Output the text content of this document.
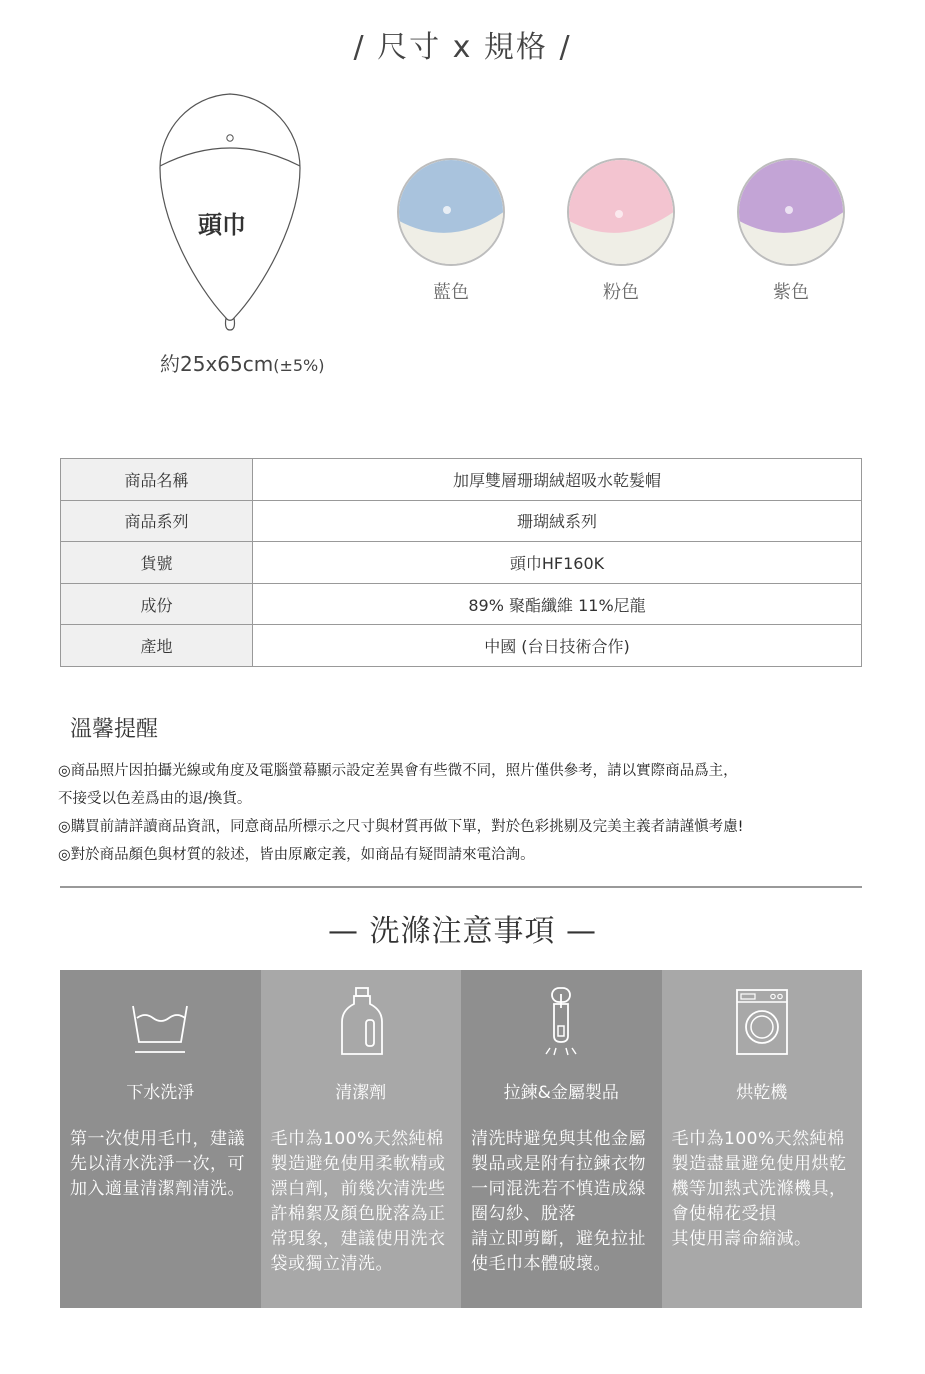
/ 尺寸 x 規格 /
頭巾
約25x65cm(±5%)
藍色	粉色	紫色
商品名稱	加厚雙層珊瑚絨超吸水乾髮帽
商品系列	珊瑚絨系列
貨號	頭巾HF160K
成份	89% 聚酯纖維 11%尼龍
產地	中國 (台日技術合作)
溫馨提醒
◎商品照片因拍攝光線或角度及電腦螢幕顯示設定差異會有些微不同，照片僅供參考，請以實際商品爲主，
不接受以色差爲由的退/換貨。
◎購買前請詳讀商品資訊，同意商品所標示之尺寸與材質再做下單，對於色彩挑剔及完美主義者請謹愼考慮!
◎對於商品顏色與材質的敍述，皆由原廠定義，如商品有疑問請來電洽詢。
— 洗滌注意事項 —
下水洗淨
第一次使用毛巾，建議
先以清水洗淨一次，可
加入適量清潔劑清洗。
清潔劑
毛巾為100%天然純棉
製造避免使用柔軟精或
漂白劑，前幾次清洗些
許棉絮及顏色脫落為正
常現象，建議使用洗衣
袋或獨立清洗。
拉鍊&金屬製品
清洗時避免與其他金屬
製品或是附有拉鍊衣物
一同混洗若不慎造成線
圈勾紗、脫落
請立即剪斷，避免拉扯
使毛巾本體破壞。
烘乾機
毛巾為100%天然純棉
製造盡量避免使用烘乾
機等加熱式洗滌機具，
會使棉花受損
其使用壽命縮減。
